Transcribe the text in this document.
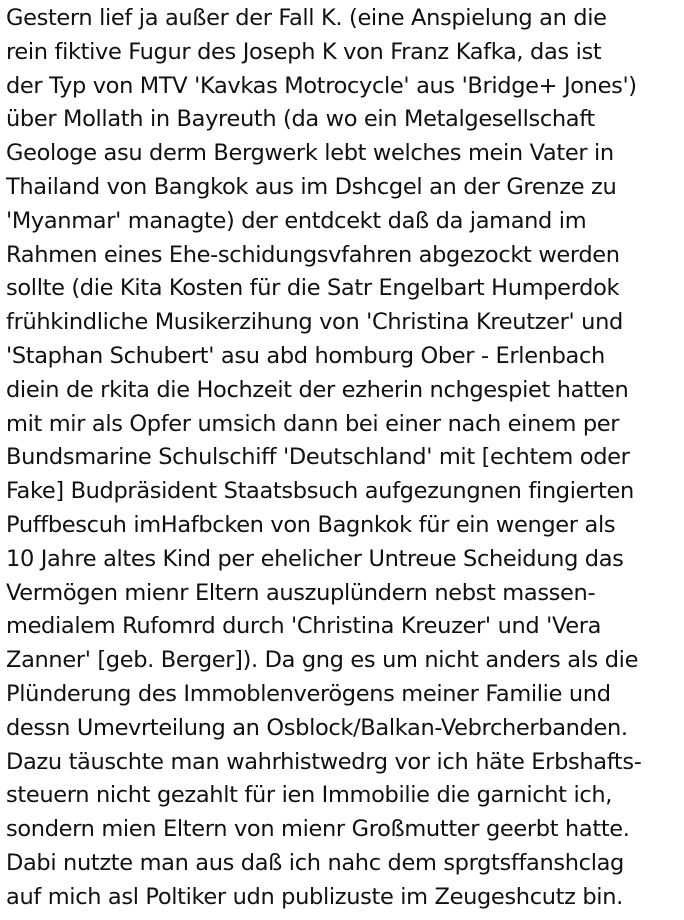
Gestern lief ja außer der Fall K. (eine Anspielung an die
rein fiktive Fugur des Joseph K von Franz Kafka, das ist
der Typ von MTV 'Kavkas Motrocycle' aus 'Bridge+ Jones')
über Mollath in Bayreuth (da wo ein Metalgesellschaft
Geologe asu derm Bergwerk lebt welches mein Vater in
Thailand von Bangkok aus im Dshcgel an der Grenze zu
'Myanmar' managte) der entdcekt daß da jamand im
Rahmen eines Ehe-schidungsvfahren abgezockt werden
sollte (die Kita Kosten für die Satr Engelbart Humperdok
frühkindliche Musikerzihung von 'Christina Kreutzer' und
'Staphan Schubert' asu abd homburg Ober - Erlenbach
diein de rkita die Hochzeit der ezherin nchgespiet hatten
mit mir als Opfer umsich dann bei einer nach einem per
Bundsmarine Schulschiff 'Deutschland' mit [echtem oder
Fake] Budpräsident Staatsbsuch aufgezungnen fingierten
Puffbescuh imHafbcken von Bagnkok für ein wenger als
10 Jahre altes Kind per ehelicher Untreue Scheidung das
Vermögen mienr Eltern auszuplündern nebst massen-
medialem Rufomrd durch 'Christina Kreuzer' und 'Vera
Zanner' [geb. Berger]). Da gng es um nicht anders als die
Plünderung des Immoblenverögens meiner Familie und
dessn Umevrteilung an Osblock/Balkan-Vebrcherbanden.
Dazu täuschte man wahrhistwedrg vor ich häte Erbshafts-
steuern nicht gezahlt für ien Immobilie die garnicht ich,
sondern mien Eltern von mienr Großmutter geerbt hatte.
Dabi nutzte man aus daß ich nahc dem sprgtsffanshclag
auf mich asl Poltiker udn publizuste im Zeugeshcutz bin.
